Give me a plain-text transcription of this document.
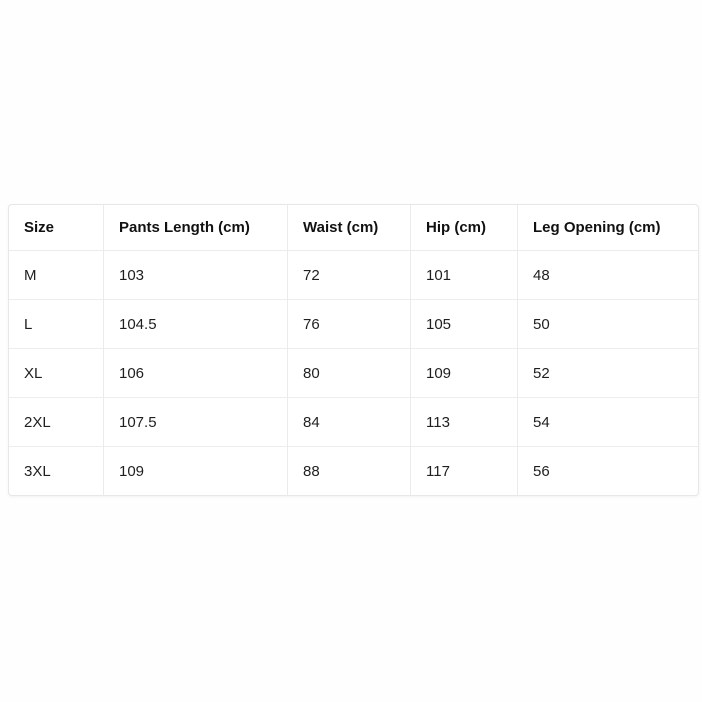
Size	Pants Length (cm)	Waist (cm)	Hip (cm)	Leg Opening (cm)
M	103	72	101	48
L	104.5	76	105	50
XL	106	80	109	52
2XL	107.5	84	113	54
3XL	109	88	117	56
